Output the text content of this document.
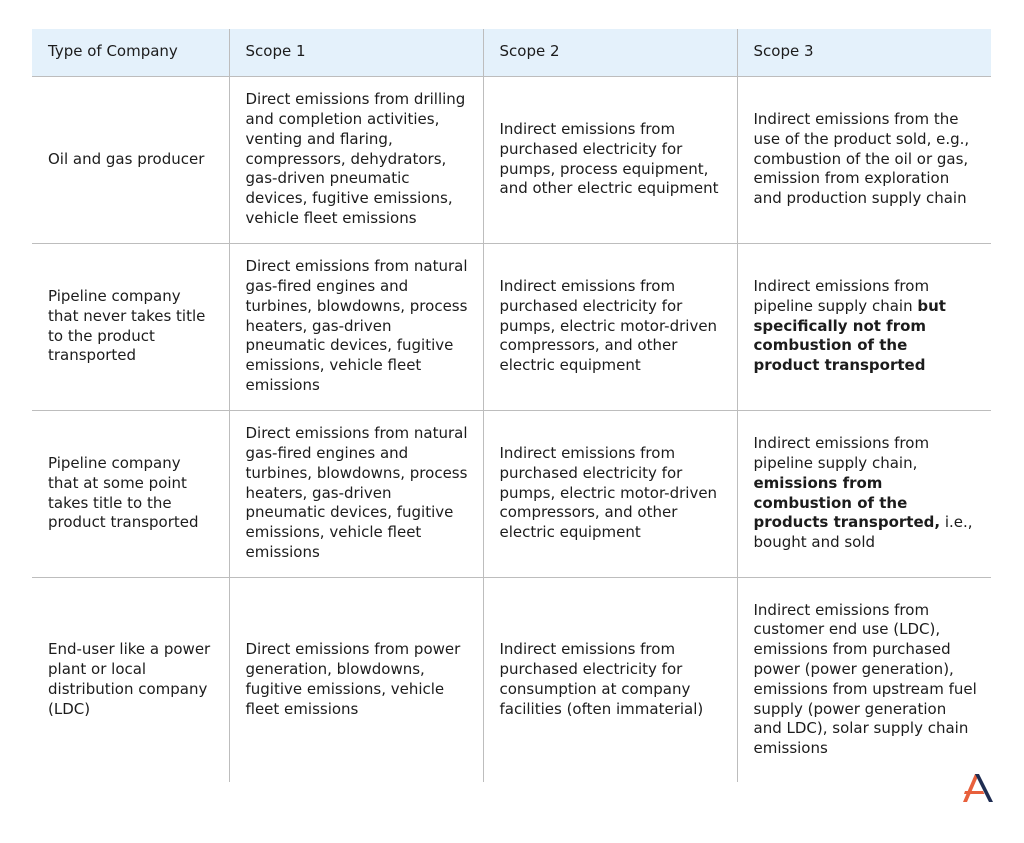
Type of Company	Scope 1	Scope 2	Scope 3
Oil and gas producer	Direct emissions from drilling and completion activities, venting and flaring, compressors, dehydrators, gas-driven pneumatic devices, fugitive emissions, vehicle fleet emissions	Indirect emissions from purchased electricity for pumps, process equipment, and other electric equipment	Indirect emissions from the use of the product sold, e.g., combustion of the oil or gas, emission from exploration and production supply chain
Pipeline company that never takes title to the product transported	Direct emissions from natural gas-fired engines and turbines, blowdowns, process heaters, gas-driven pneumatic devices, fugitive emissions, vehicle fleet emissions	Indirect emissions from purchased electricity for pumps, electric motor-driven compressors, and other electric equipment	Indirect emissions from pipeline supply chain but specifically not from combustion of the product transported
Pipeline company that at some point takes title to the product transported	Direct emissions from natural gas-fired engines and turbines, blowdowns, process heaters, gas-driven pneumatic devices, fugitive emissions, vehicle fleet emissions	Indirect emissions from purchased electricity for pumps, electric motor-driven compressors, and other electric equipment	Indirect emissions from pipeline supply chain, emissions from combustion of the products transported, i.e., bought and sold
End-user like a power plant or local distribution company (LDC)	Direct emissions from power generation, blowdowns, fugitive emissions, vehicle fleet emissions	Indirect emissions from purchased electricity for consumption at company facilities (often immaterial)	Indirect emissions from customer end use (LDC), emissions from purchased power (power generation), emissions from upstream fuel supply (power generation and LDC), solar supply chain emissions
